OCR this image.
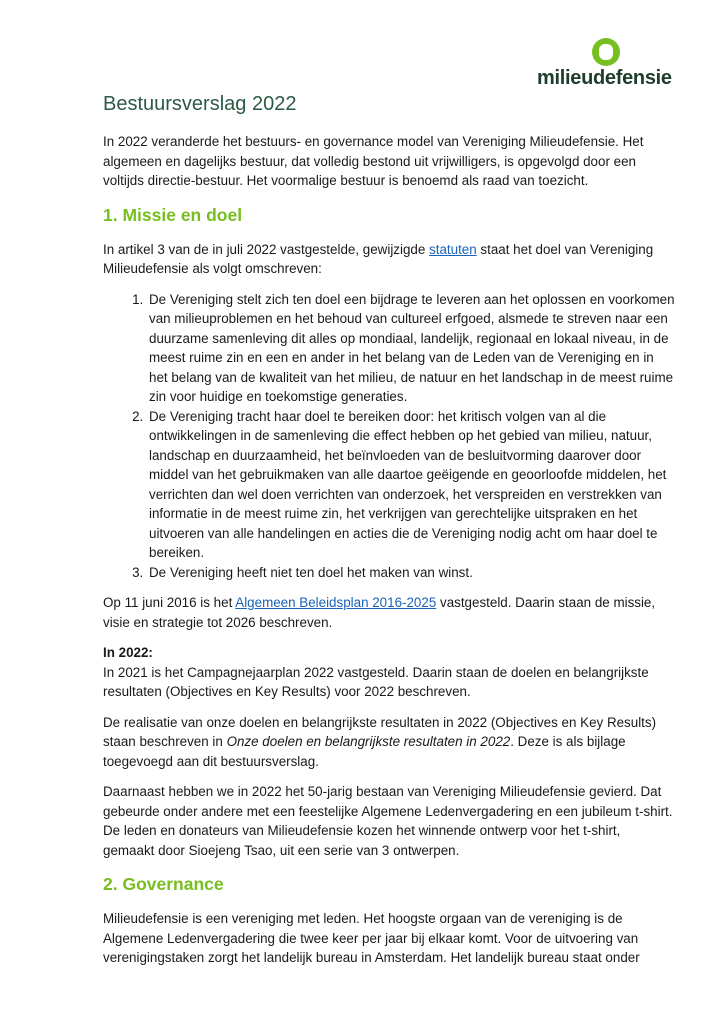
milieudefensie
Bestuursverslag 2022

In 2022 veranderde het bestuurs- en governance model van Vereniging Milieudefensie. Het algemeen en dagelijks bestuur, dat volledig bestond uit vrijwilligers, is opgevolgd door een voltijds directie-bestuur. Het voormalige bestuur is benoemd als raad van toezicht.

1. Missie en doel

In artikel 3 van de in juli 2022 vastgestelde, gewijzigde statuten staat het doel van Vereniging Milieudefensie als volgt omschreven:

1. De Vereniging stelt zich ten doel een bijdrage te leveren aan het oplossen en voorkomen van milieuproblemen en het behoud van cultureel erfgoed, alsmede te streven naar een duurzame samenleving dit alles op mondiaal, landelijk, regionaal en lokaal niveau, in de meest ruime zin en een en ander in het belang van de Leden van de Vereniging en in het belang van de kwaliteit van het milieu, de natuur en het landschap in de meest ruime zin voor huidige en toekomstige generaties.
2. De Vereniging tracht haar doel te bereiken door: het kritisch volgen van al die ontwikkelingen in de samenleving die effect hebben op het gebied van milieu, natuur, landschap en duurzaamheid, het beïnvloeden van de besluitvorming daarover door middel van het gebruikmaken van alle daartoe geëigende en geoorloofde middelen, het verrichten dan wel doen verrichten van onderzoek, het verspreiden en verstrekken van informatie in de meest ruime zin, het verkrijgen van gerechtelijke uitspraken en het uitvoeren van alle handelingen en acties die de Vereniging nodig acht om haar doel te bereiken.
3. De Vereniging heeft niet ten doel het maken van winst.

Op 11 juni 2016 is het Algemeen Beleidsplan 2016-2025 vastgesteld. Daarin staan de missie, visie en strategie tot 2026 beschreven.

In 2022:

In 2021 is het Campagnejaarplan 2022 vastgesteld. Daarin staan de doelen en belangrijkste resultaten (Objectives en Key Results) voor 2022 beschreven.

De realisatie van onze doelen en belangrijkste resultaten in 2022 (Objectives en Key Results) staan beschreven in Onze doelen en belangrijkste resultaten in 2022. Deze is als bijlage toegevoegd aan dit bestuursverslag.

Daarnaast hebben we in 2022 het 50-jarig bestaan van Vereniging Milieudefensie gevierd. Dat gebeurde onder andere met een feestelijke Algemene Ledenvergadering en een jubileum t-shirt. De leden en donateurs van Milieudefensie kozen het winnende ontwerp voor het t-shirt, gemaakt door Sioejeng Tsao, uit een serie van 3 ontwerpen.

2. Governance

Milieudefensie is een vereniging met leden. Het hoogste orgaan van de vereniging is de Algemene Ledenvergadering die twee keer per jaar bij elkaar komt. Voor de uitvoering van verenigingstaken zorgt het landelijk bureau in Amsterdam. Het landelijk bureau staat onder
